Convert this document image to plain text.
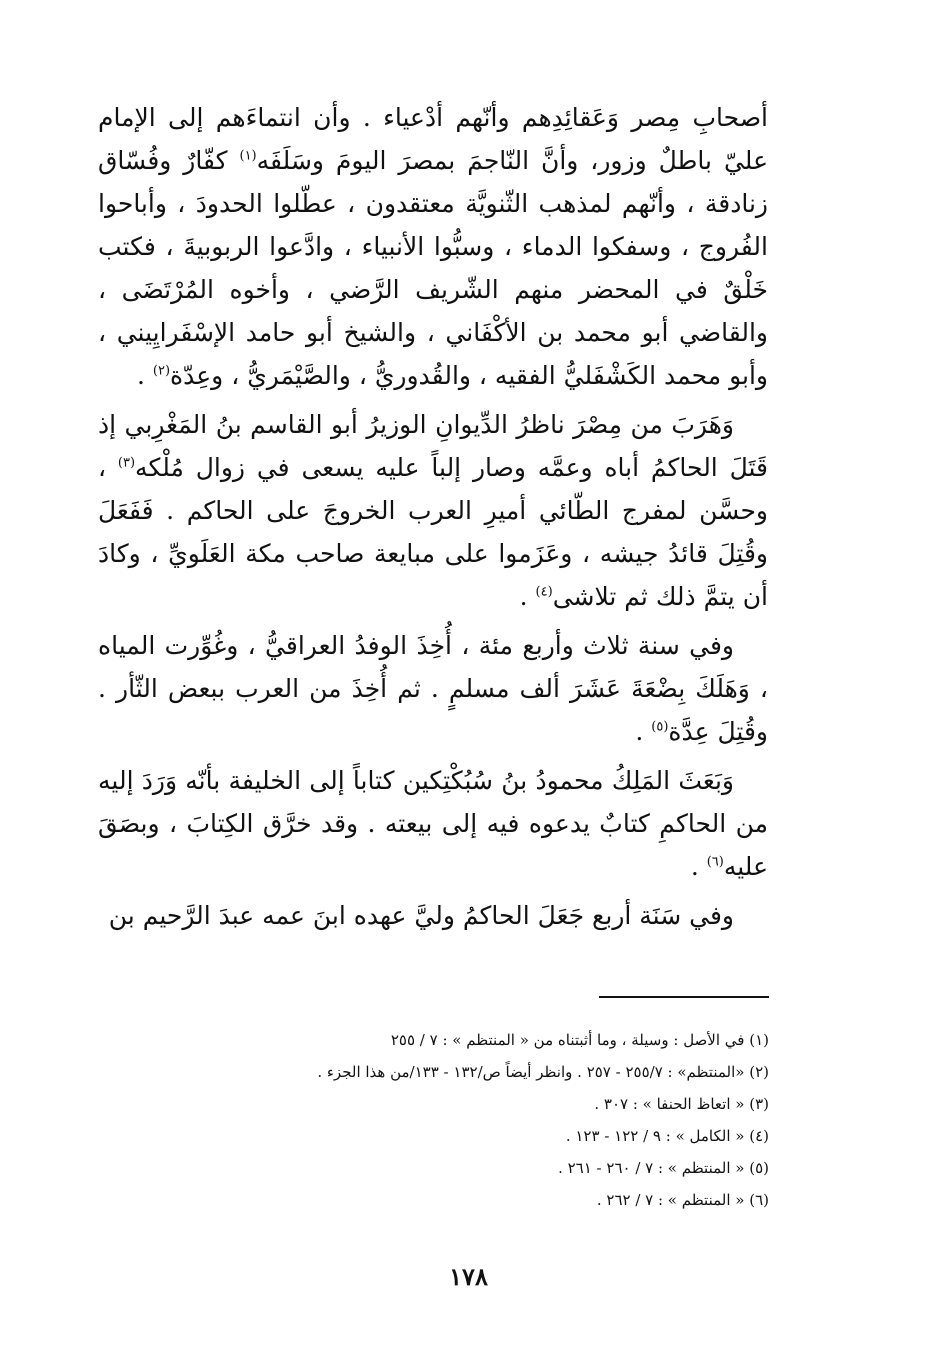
أصحابِ مِصر وَعَقائِدِهم وأنّهم أدْعياء . وأن انتماءَهم إلى الإمام عليّ باطلٌ وزور، وأنَّ النّاجمَ بمصرَ اليومَ وسَلَفَه$^{(١)}$ كفّارٌ وفُسّاق زنادقة ، وأنّهم لمذهب الثّنويَّة معتقدون ، عطّلوا الحدودَ ، وأباحوا الفُروج ، وسفكوا الدماء ، وسبُّوا الأنبياء ، وادَّعوا الربوبيةَ ، فكتب خَلْقٌ في المحضر منهم الشّريف الرَّضي ، وأخوه المُرْتَضَى ، والقاضي أبو محمد بن الأكْفَاني ، والشيخ أبو حامد الإسْفَرايِيني ، وأبو محمد الكَشْفَليُّ الفقيه ، والقُدوريُّ ، والصَّيْمَريُّ ، وعِدّة$^{(٢)}$ .

وَهَرَبَ من مِصْرَ ناظرُ الدِّيوانِ الوزيرُ أبو القاسم بنُ المَغْرِبي إذ قَتَلَ الحاكمُ أباه وعمَّه وصار إلباً عليه يسعى في زوال مُلْكه$^{(٣)}$ ، وحسَّن لمفرج الطّائي أميرِ العرب الخروجَ على الحاكم . فَفَعَلَ وقُتِلَ قائدُ جيشه ، وعَزَموا على مبايعة صاحب مكة العَلَويِّ ، وكادَ أن يتمَّ ذلك ثم تلاشى$^{(٤)}$ .

وفي سنة ثلاث وأربع مئة ، أُخِذَ الوفدُ العراقيُّ ، وغُوِّرت المياه ، وَهَلَكَ بِضْعَةَ عَشَرَ ألف مسلمٍ . ثم أُخِذَ من العرب ببعض الثّأر . وقُتِلَ عِدَّة$^{(٥)}$ .

وَبَعَثَ المَلِكُ محمودُ بنُ سُبُكْتِكين كتاباً إلى الخليفة بأنّه وَرَدَ إليه من الحاكمِ كتابٌ يدعوه فيه إلى بيعته . وقد خرَّق الكِتابَ ، وبصَقَ عليه$^{(٦)}$ .

وفي سَنَة أربع جَعَلَ الحاكمُ وليَّ عهده ابنَ عمه عبدَ الرَّحيم بن

(١) في الأصل : وسيلة ، وما أثبتناه من « المنتظم » : ٧ / ٢٥٥
(٢) «المنتظم» : ٢٥٥/٧ - ٢٥٧ . وانظر أيضاً ص/١٣٢ - ١٣٣/من هذا الجزء .
(٣) « اتعاظ الحنفا » : ٣٠٧ .
(٤) « الكامل » : ٩ / ١٢٢ - ١٢٣ .
(٥) « المنتظم » : ٧ / ٢٦٠ - ٢٦١ .
(٦) « المنتظم » : ٧ / ٢٦٢ .
١٧٨
